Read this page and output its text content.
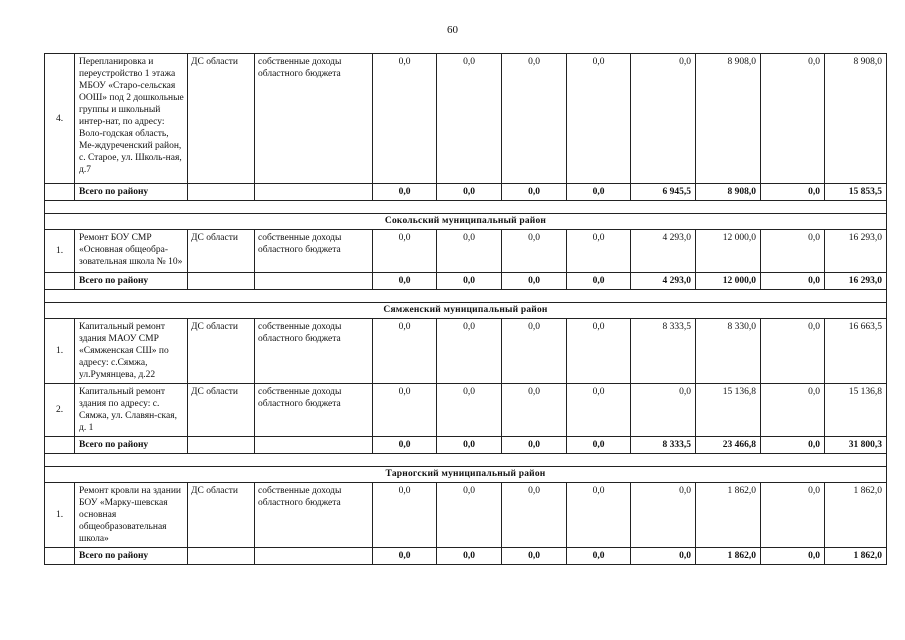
60
4.	Перепланировка и переустройство 1 этажа МБОУ «Старо-сельская ООШ» под 2 дошкольные группы и школьный интер-нат, по адресу: Воло-годская область, Ме-ждуреченский район, с. Старое, ул. Школь-ная, д.7	ДС области	собственные доходы областного бюджета	0,0	0,0	0,0	0,0	0,0	8 908,0	0,0	8 908,0
	Всего по району			0,0	0,0	0,0	0,0	6 945,5	8 908,0	0,0	15 853,5

Сокольский муниципальный район											
1.	Ремонт БОУ СМР «Основная общеобра-зовательная школа № 10»	ДС области	собственные доходы областного бюджета	0,0	0,0	0,0	0,0	4 293,0	12 000,0	0,0	16 293,0
	Всего по району			0,0	0,0	0,0	0,0	4 293,0	12 000,0	0,0	16 293,0

Сямженский муниципальный район											
1.	Капитальный ремонт здания МАОУ СМР «Сямженская СШ» по адресу: с.Сямжа, ул.Румянцева, д.22	ДС области	собственные доходы областного бюджета	0,0	0,0	0,0	0,0	8 333,5	8 330,0	0,0	16 663,5
2.	Капитальный ремонт здания по адресу: с. Сямжа, ул. Славян-ская, д. 1	ДС области	собственные доходы областного бюджета	0,0	0,0	0,0	0,0	0,0	15 136,8	0,0	15 136,8
	Всего по району			0,0	0,0	0,0	0,0	8 333,5	23 466,8	0,0	31 800,3

Тарногский муниципальный район											
1.	Ремонт кровли на здании БОУ «Марку-шевская основная общеобразовательная школа»	ДС области	собственные доходы областного бюджета	0,0	0,0	0,0	0,0	0,0	1 862,0	0,0	1 862,0
	Всего по району			0,0	0,0	0,0	0,0	0,0	1 862,0	0,0	1 862,0
